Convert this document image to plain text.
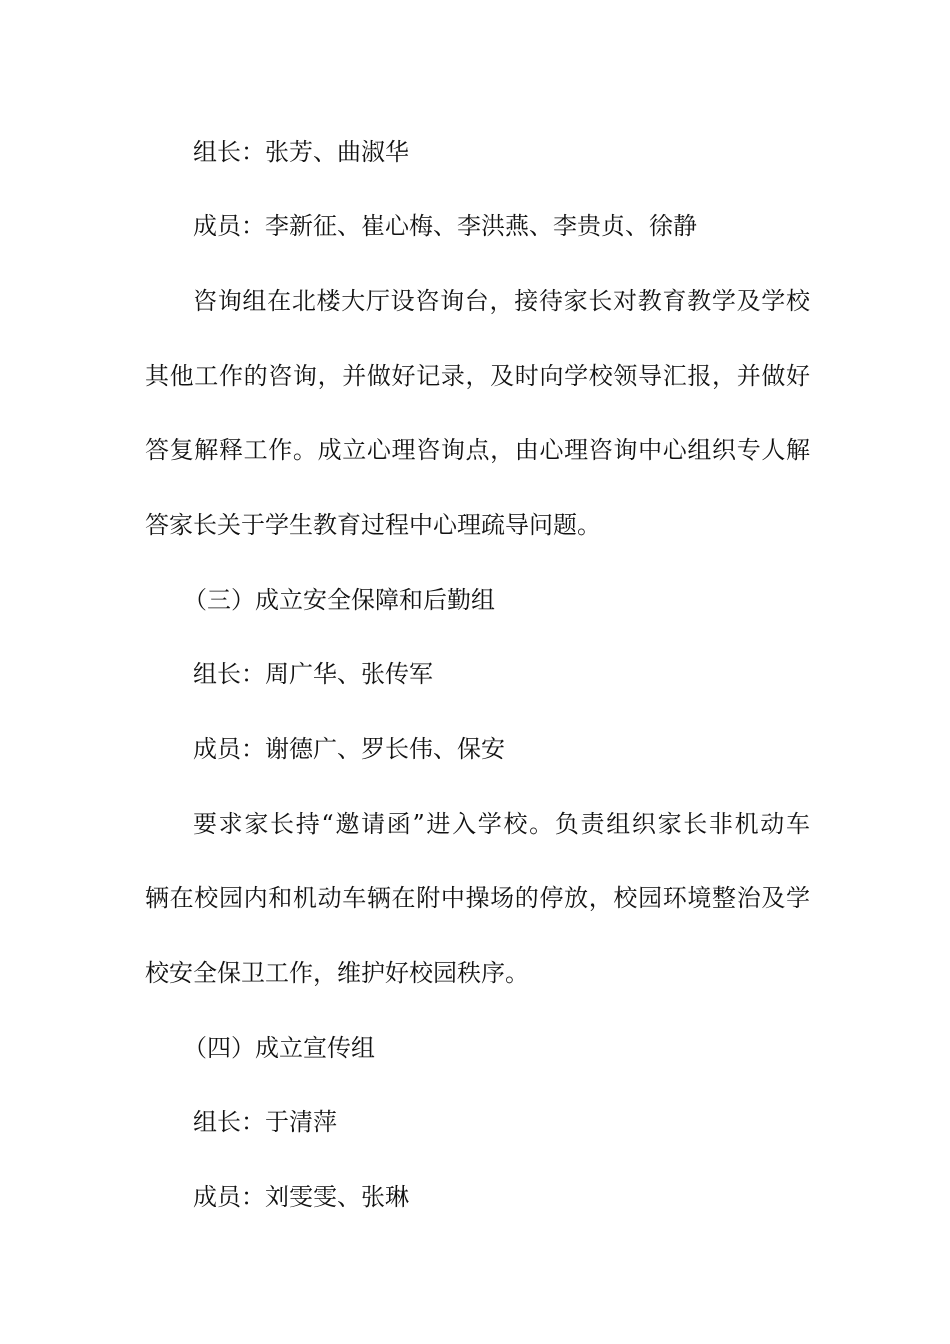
组长：张芳、曲淑华
成员：李新征、崔心梅、李洪燕、李贵贞、徐静
咨询组在北楼大厅设咨询台，接待家长对教育教学及学校
其他工作的咨询，并做好记录，及时向学校领导汇报，并做好
答复解释工作。成立心理咨询点，由心理咨询中心组织专人解
答家长关于学生教育过程中心理疏导问题。
（三）成立安全保障和后勤组
组长：周广华、张传军
成员：谢德广、罗长伟、保安
要求家长持“邀请函”进入学校。负责组织家长非机动车
辆在校园内和机动车辆在附中操场的停放，校园环境整治及学
校安全保卫工作，维护好校园秩序。
（四）成立宣传组
组长：于清萍
成员：刘雯雯、张琳
